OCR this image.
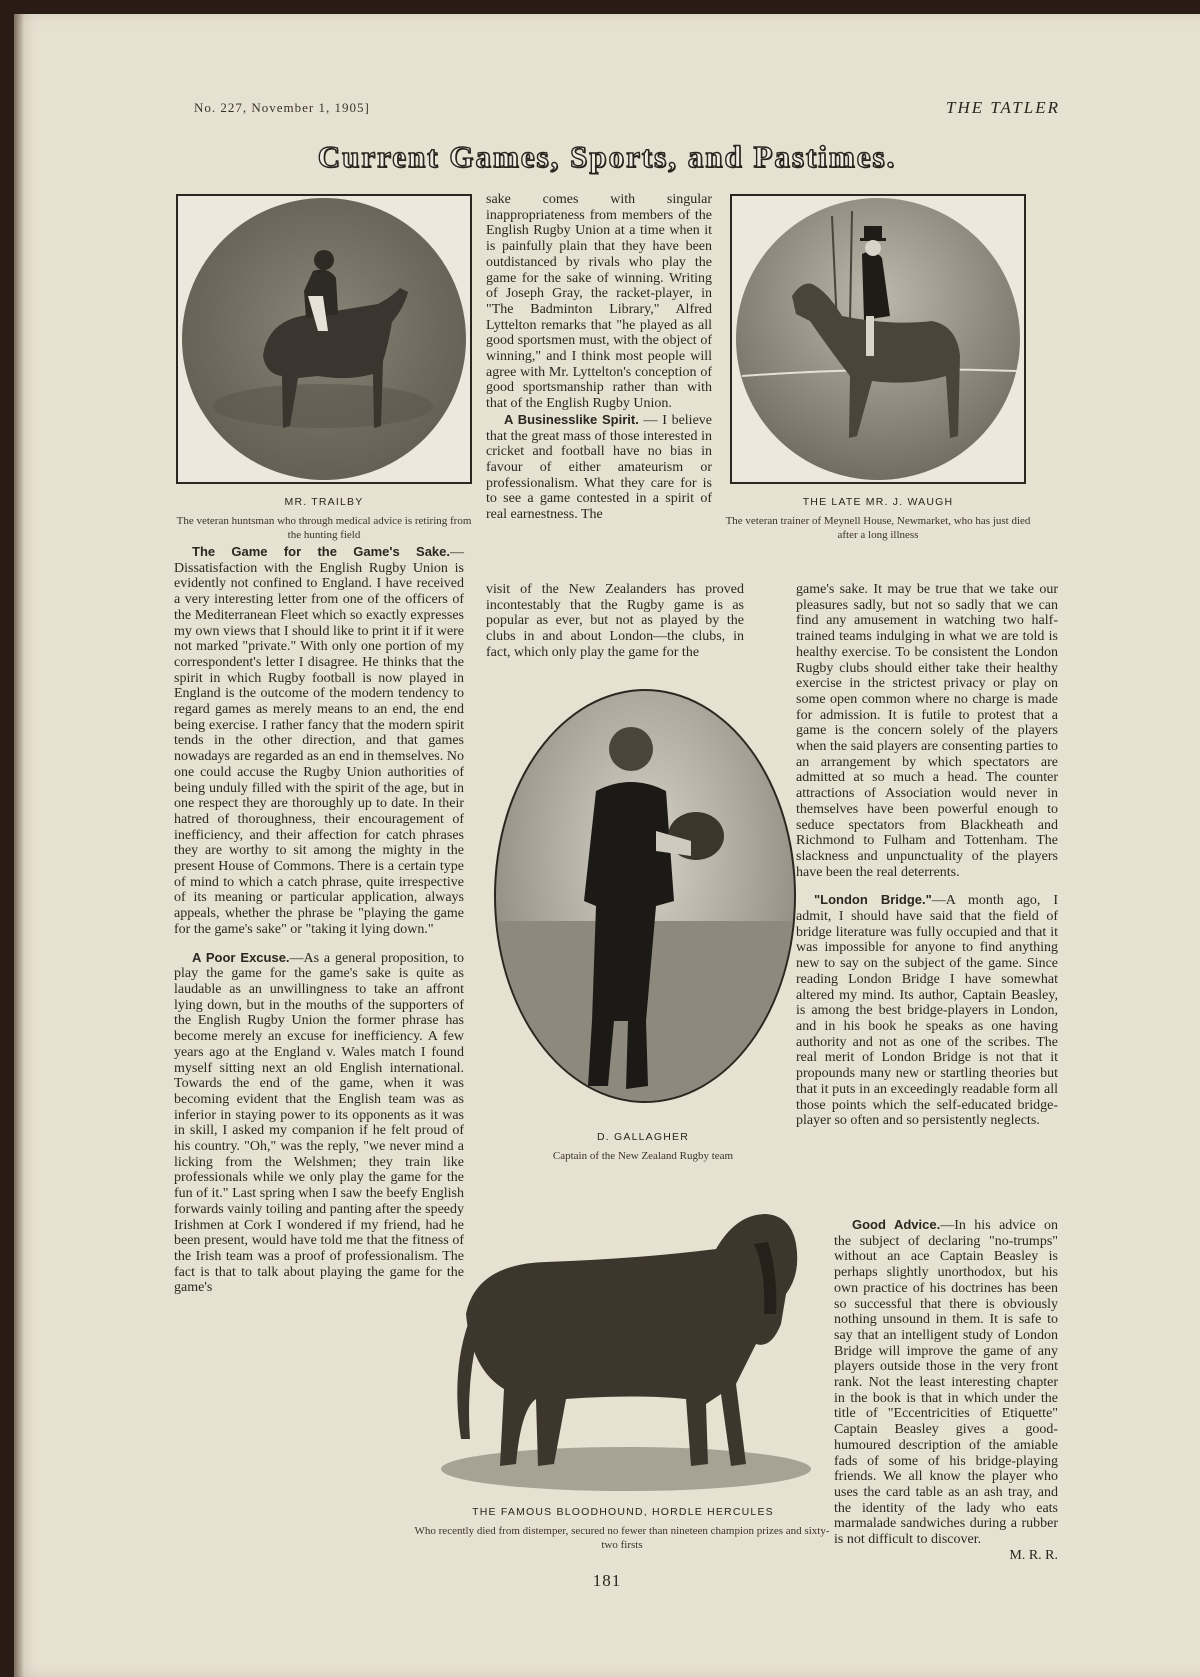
No. 227, November 1, 1905]	THE TATLER
Current Games, Sports, and Pastimes.
MR. TRAILBY
The veteran huntsman who through medical advice is retiring from the hunting field
THE LATE MR. J. WAUGH
The veteran trainer of Meynell House, Newmarket, who has just died after a long illness

The Game for the Game's Sake.—Dissatisfaction with the English Rugby Union is evidently not confined to England. I have received a very interesting letter from one of the officers of the Mediterranean Fleet which so exactly expresses my own views that I should like to print it if it were not marked "private." With only one portion of my correspondent's letter I disagree. He thinks that the spirit in which Rugby football is now played in England is the outcome of the modern tendency to regard games as merely means to an end, the end being exercise. I rather fancy that the modern spirit tends in the other direction, and that games nowadays are regarded as an end in themselves. No one could accuse the Rugby Union authorities of being unduly filled with the spirit of the age, but in one respect they are thoroughly up to date. In their hatred of thoroughness, their encouragement of inefficiency, and their affection for catch phrases they are worthy to sit among the mighty in the present House of Commons. There is a certain type of mind to which a catch phrase, quite irrespective of its meaning or particular application, always appeals, whether the phrase be "playing the game for the game's sake" or "taking it lying down."

A Poor Excuse.—As a general proposition, to play the game for the game's sake is quite as laudable as an unwillingness to take an affront lying down, but in the mouths of the supporters of the English Rugby Union the former phrase has become merely an excuse for inefficiency. A few years ago at the England v. Wales match I found myself sitting next an old English international. Towards the end of the game, when it was becoming evident that the English team was as inferior in staying power to its opponents as it was in skill, I asked my companion if he felt proud of his country. "Oh," was the reply, "we never mind a licking from the Welshmen; they train like professionals while we only play the game for the fun of it." Last spring when I saw the beefy English forwards vainly toiling and panting after the speedy Irishmen at Cork I wondered if my friend, had he been present, would have told me that the fitness of the Irish team was a proof of professionalism. The fact is that to talk about playing the game for the game's

sake comes with singular inappropriateness from members of the English Rugby Union at a time when it is painfully plain that they have been outdistanced by rivals who play the game for the sake of winning. Writing of Joseph Gray, the racket-player, in "The Badminton Library," Alfred Lyttelton remarks that "he played as all good sportsmen must, with the object of winning," and I think most people will agree with Mr. Lyttelton's conception of good sportsmanship rather than with that of the English Rugby Union.

A Businesslike Spirit. — I believe that the great mass of those interested in cricket and football have no bias in favour of either amateurism or professionalism. What they care for is to see a game contested in a spirit of real earnestness. The

visit of the New Zealanders has proved incontestably that the Rugby game is as popular as ever, but not as played by the clubs in and about London—the clubs, in fact, which only play the game for the

D. GALLAGHER
Captain of the New Zealand Rugby team
THE FAMOUS BLOODHOUND, HORDLE HERCULES
Who recently died from distemper, secured no fewer than nineteen champion prizes and sixty-two firsts

game's sake. It may be true that we take our pleasures sadly, but not so sadly that we can find any amusement in watching two half-trained teams indulging in what we are told is healthy exercise. To be consistent the London Rugby clubs should either take their healthy exercise in the strictest privacy or play on some open common where no charge is made for admission. It is futile to protest that a game is the concern solely of the players when the said players are consenting parties to an arrangement by which spectators are admitted at so much a head. The counter attractions of Association would never in themselves have been powerful enough to seduce spectators from Blackheath and Richmond to Fulham and Tottenham. The slackness and unpunctuality of the players have been the real deterrents.

"London Bridge."—A month ago, I admit, I should have said that the field of bridge literature was fully occupied and that it was impossible for anyone to find anything new to say on the subject of the game. Since reading London Bridge I have somewhat altered my mind. Its author, Captain Beasley, is among the best bridge-players in London, and in his book he speaks as one having authority and not as one of the scribes. The real merit of London Bridge is not that it propounds many new or startling theories but that it puts in an exceedingly readable form all those points which the self-educated bridge-player so often and so persistently neglects.

Good Advice.—In his advice on the subject of declaring "no-trumps" without an ace Captain Beasley is perhaps slightly unorthodox, but his own practice of his doctrines has been so successful that there is obviously nothing unsound in them. It is safe to say that an intelligent study of London Bridge will improve the game of any players outside those in the very front rank. Not the least interesting chapter in the book is that in which under the title of "Eccentricities of Etiquette" Captain Beasley gives a good-humoured description of the amiable fads of some of his bridge-playing friends. We all know the player who uses the card table as an ash tray, and the identity of the lady who eats marmalade sandwiches during a rubber is not difficult to discover.

M. R. R.

181
